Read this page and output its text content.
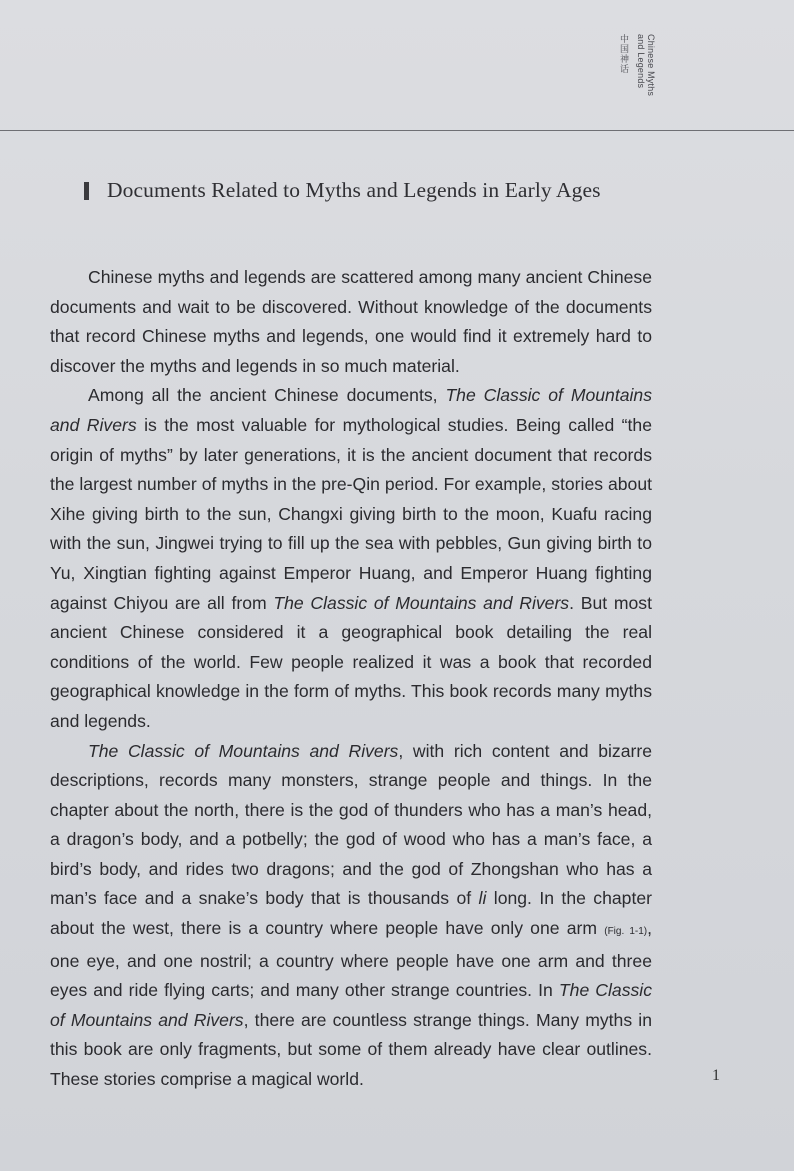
Chinese Myths
and Legends
中国神话
Documents Related to Myths and Legends in Early Ages

Chinese myths and legends are scattered among many ancient Chinese documents and wait to be discovered. Without knowledge of the documents that record Chinese myths and legends, one would find it extremely hard to discover the myths and legends in so much material.

Among all the ancient Chinese documents, The Classic of Mountains and Rivers is the most valuable for mythological studies. Being called “the origin of myths” by later generations, it is the ancient document that records the largest number of myths in the pre-Qin period. For example, stories about Xihe giving birth to the sun, Changxi giving birth to the moon, Kuafu racing with the sun, Jingwei trying to fill up the sea with pebbles, Gun giving birth to Yu, Xingtian fighting against Emperor Huang, and Emperor Huang fighting against Chiyou are all from The Classic of Mountains and Rivers. But most ancient Chinese considered it a geographical book detailing the real conditions of the world. Few people realized it was a book that recorded geographical knowledge in the form of myths. This book records many myths and legends.

The Classic of Mountains and Rivers, with rich content and bizarre descriptions, records many monsters, strange people and things. In the chapter about the north, there is the god of thunders who has a man’s head, a dragon’s body, and a potbelly; the god of wood who has a man’s face, a bird’s body, and rides two dragons; and the god of Zhongshan who has a man’s face and a snake’s body that is thousands of li long. In the chapter about the west, there is a country where people have only one arm (Fig. 1-1), one eye, and one nostril; a country where people have one arm and three eyes and ride flying carts; and many other strange countries. In The Classic of Mountains and Rivers, there are countless strange things. Many myths in this book are only fragments, but some of them already have clear outlines. These stories comprise a magical world.	1
